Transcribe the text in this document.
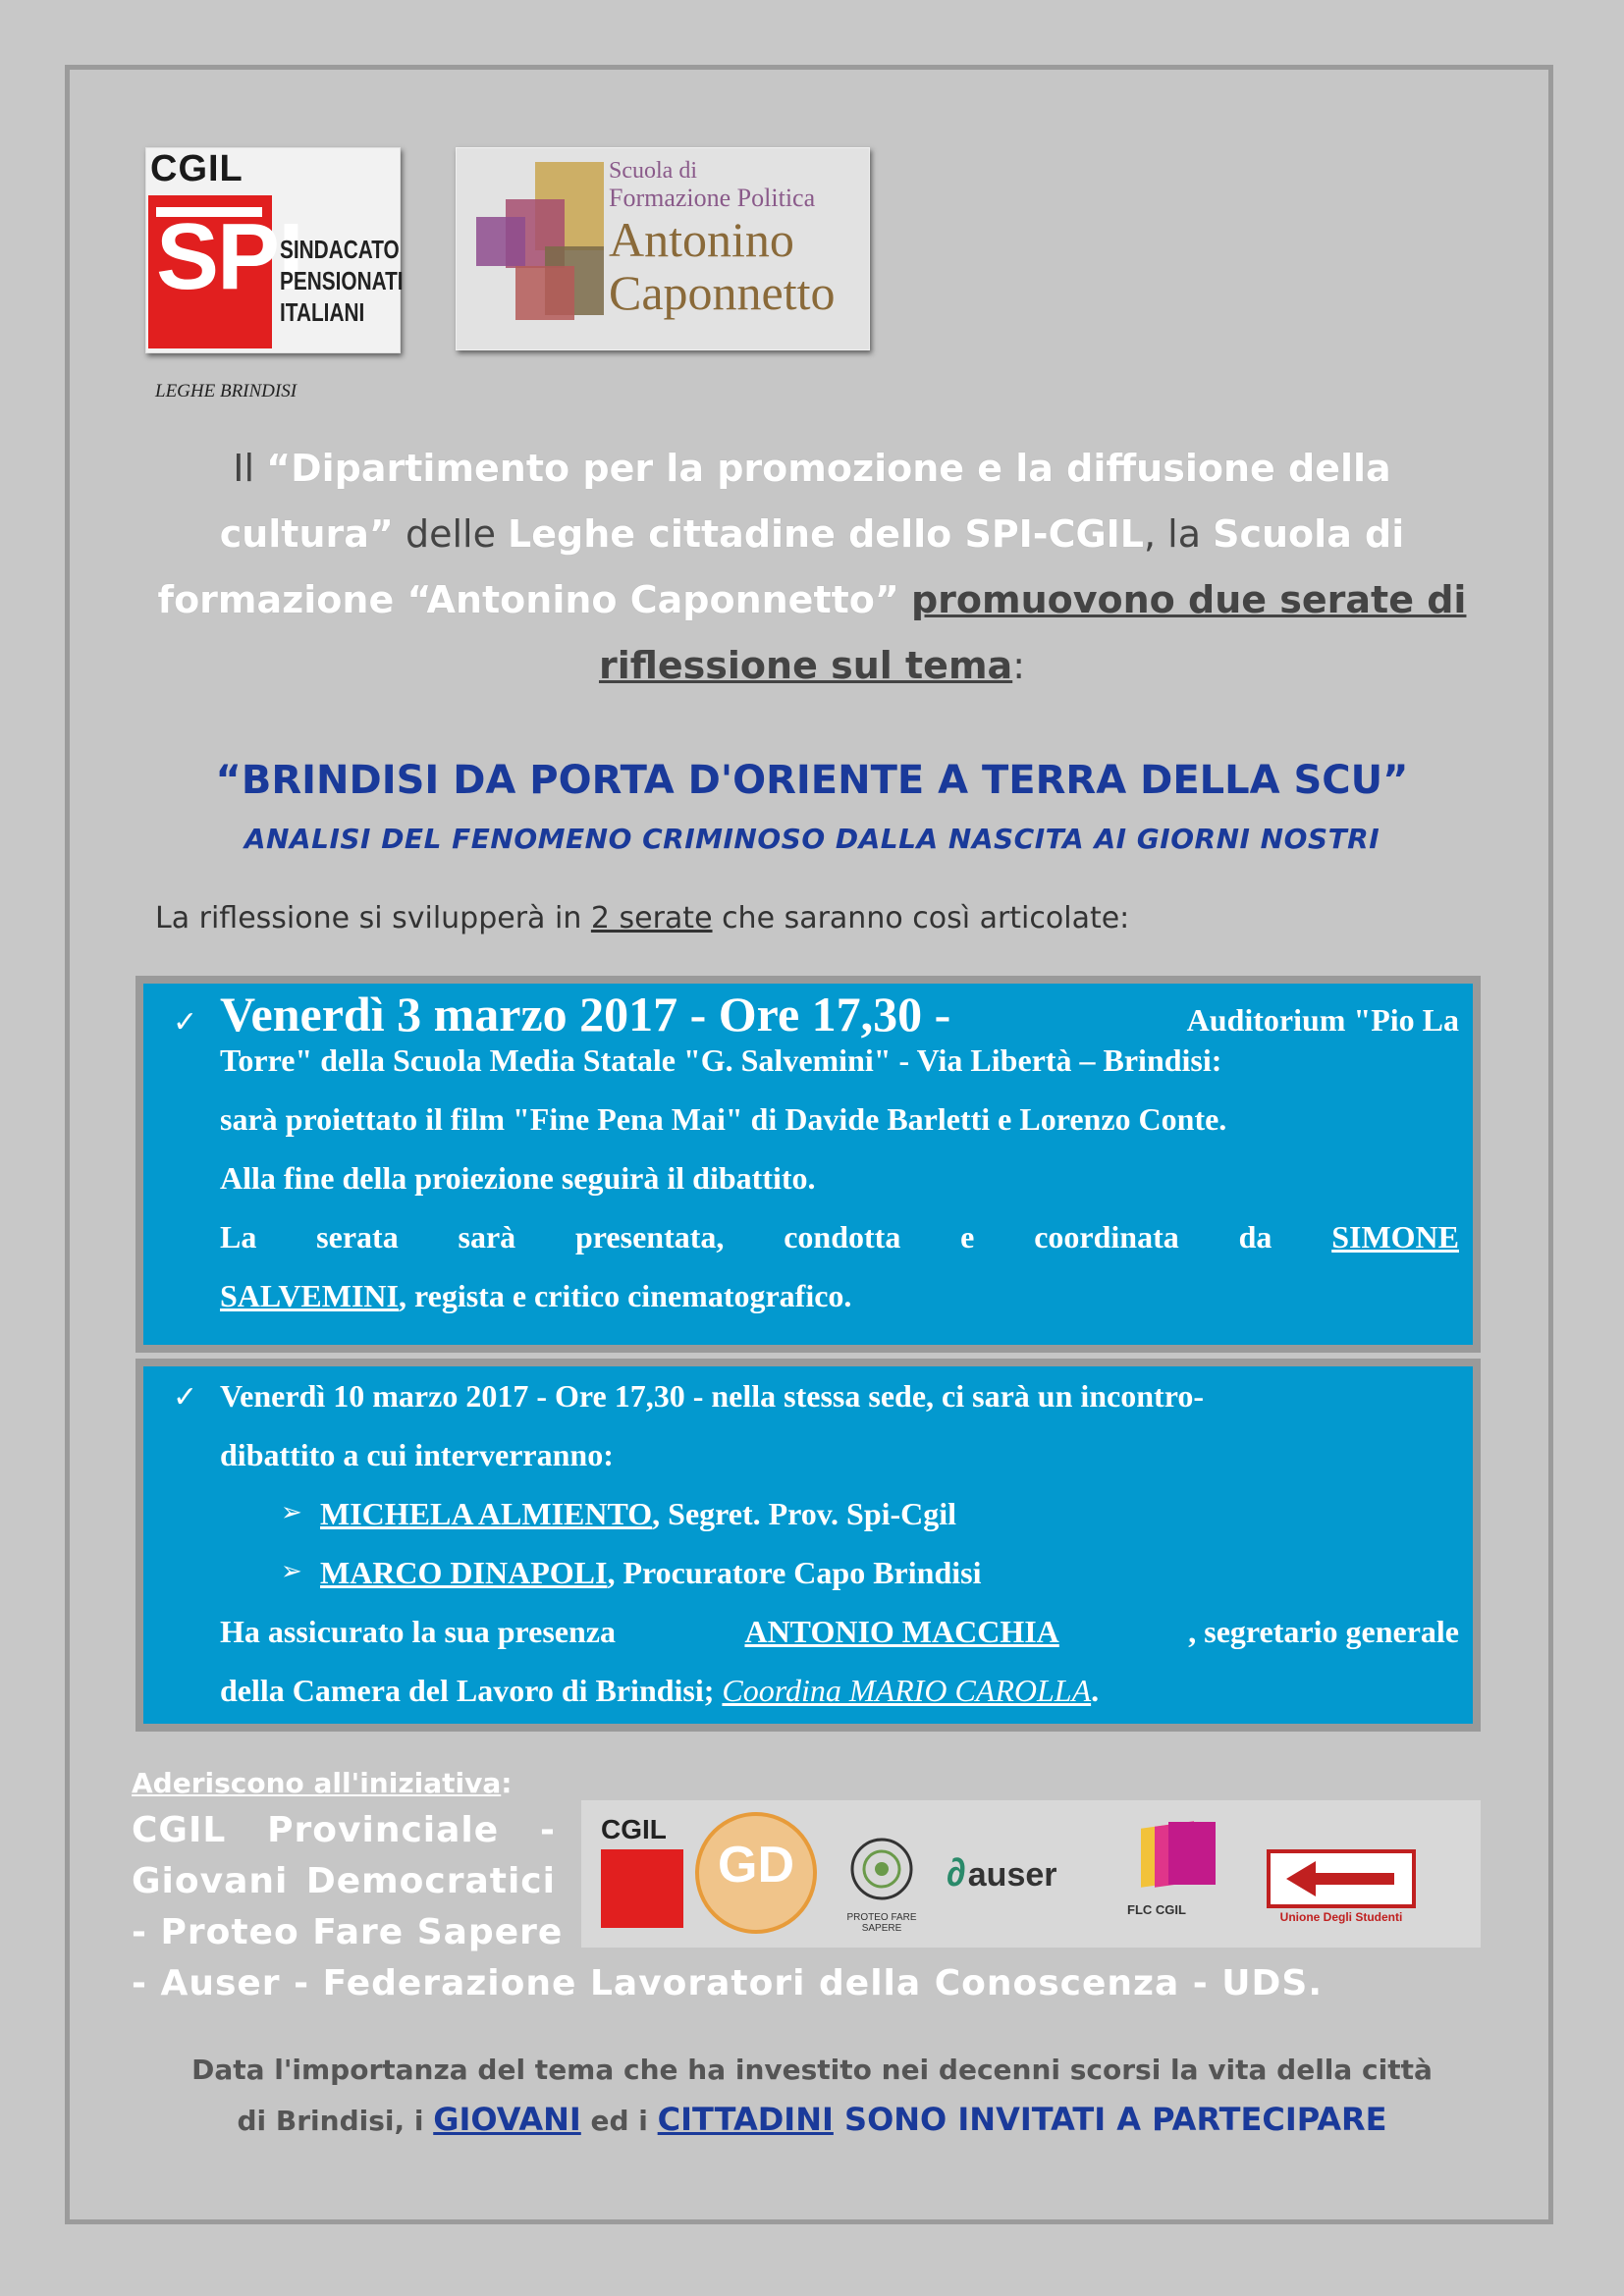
CGIL
SPI
SINDACATO
PENSIONATI
ITALIANI
Scuola di
Formazione Politica
Antonino
Caponnetto
LEGHE BRINDISI
Il “Dipartimento per la promozione e la diffusione della cultura” delle Leghe cittadine dello SPI-CGIL, la Scuola di formazione “Antonino Caponnetto” promuovono due serate di riflessione sul tema:
“BRINDISI DA PORTA D'ORIENTE A TERRA DELLA SCU”
ANALISI DEL FENOMENO CRIMINOSO DALLA NASCITA AI GIORNI NOSTRI
La riflessione si svilupperà in 2 serate che saranno così articolate:
✓ Venerdì 3 marzo 2017 - Ore 17,30 -	Auditorium "Pio La
Torre" della Scuola Media Statale "G. Salvemini" - Via Libertà – Brindisi:
sarà proiettato il film "Fine Pena Mai" di Davide Barletti e Lorenzo Conte.
Alla fine della proiezione seguirà il dibattito.
La serata sarà presentata, condotta e coordinata da SIMONE
SALVEMINI, regista e critico cinematografico.
✓ Venerdì 10 marzo 2017 - Ore 17,30 - nella stessa sede, ci sarà un incontro-
dibattito a cui interverranno:
➢ MICHELA ALMIENTO, Segret. Prov. Spi-Cgil
➢ MARCO DINAPOLI, Procuratore Capo Brindisi
Ha assicurato la sua presenza	ANTONIO MACCHIA	, segretario generale
della Camera del Lavoro di Brindisi; Coordina MARIO CAROLLA.
Aderiscono all'iniziativa:
CGIL Provinciale -
Giovani Democratici
- Proteo Fare Sapere
- Auser - Federazione Lavoratori della Conoscenza - UDS.
CGIL
GD
PROTEO FARE SAPERE
∂auser
FLC CGIL	Unione Degli Studenti
Data l'importanza del tema che ha investito nei decenni scorsi la vita della città
di Brindisi, i GIOVANI ed i CITTADINI SONO INVITATI A PARTECIPARE
